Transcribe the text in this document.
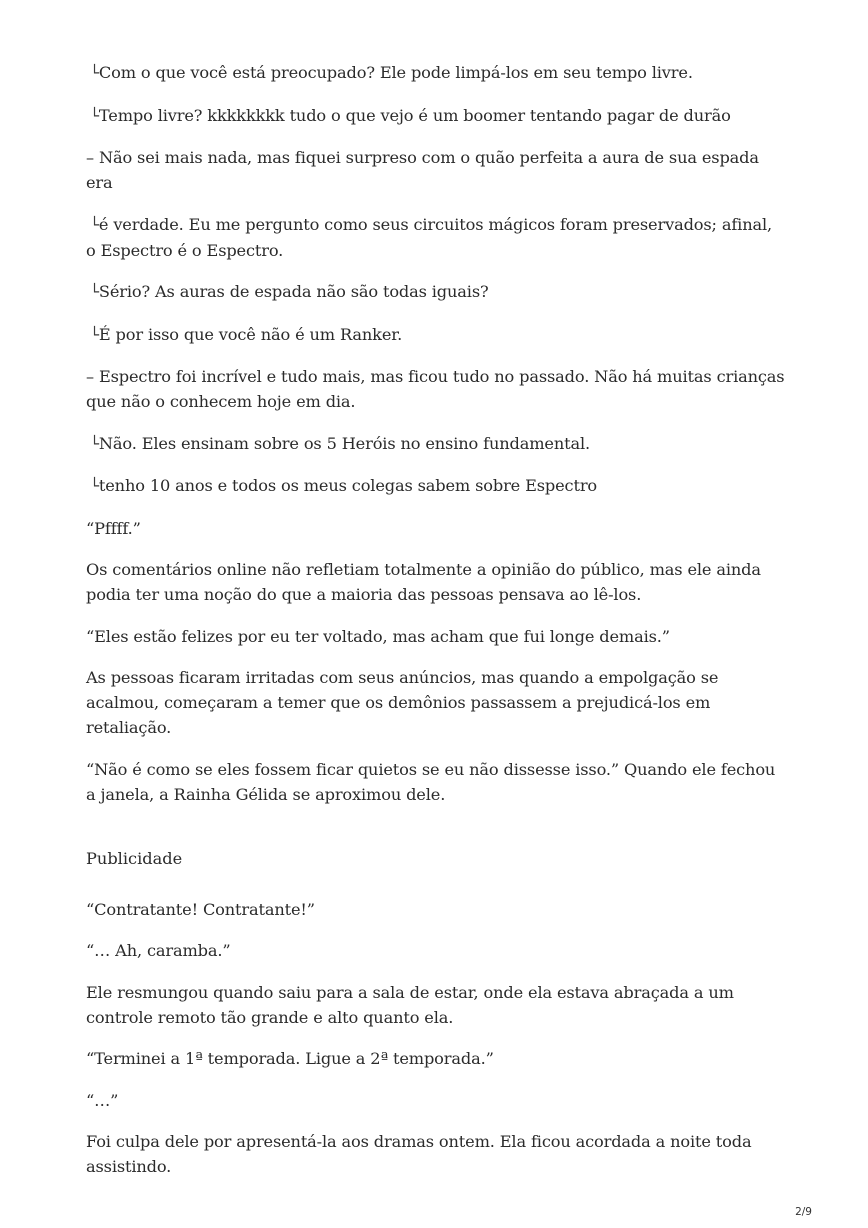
└Com o que você está preocupado? Ele pode limpá-los em seu tempo livre.

└Tempo livre? kkkkkkkk tudo o que vejo é um boomer tentando pagar de durão

– Não sei mais nada, mas fiquei surpreso com o quão perfeita a aura de sua espada era

└é verdade. Eu me pergunto como seus circuitos mágicos foram preservados; afinal, o Espectro é o Espectro.

└Sério? As auras de espada não são todas iguais?

└É por isso que você não é um Ranker.

– Espectro foi incrível e tudo mais, mas ficou tudo no passado. Não há muitas crianças que não o conhecem hoje em dia.

└Não. Eles ensinam sobre os 5 Heróis no ensino fundamental.

└tenho 10 anos e todos os meus colegas sabem sobre Espectro

“Pffff.”

Os comentários online não refletiam totalmente a opinião do público, mas ele ainda podia ter uma noção do que a maioria das pessoas pensava ao lê-los.

“Eles estão felizes por eu ter voltado, mas acham que fui longe demais.”

As pessoas ficaram irritadas com seus anúncios, mas quando a empolgação se acalmou, começaram a temer que os demônios passassem a prejudicá-los em retaliação.

“Não é como se eles fossem ficar quietos se eu não dissesse isso.” Quando ele fechou a janela, a Rainha Gélida se aproximou dele.

Publicidade

“Contratante! Contratante!”

“… Ah, caramba.”

Ele resmungou quando saiu para a sala de estar, onde ela estava abraçada a um controle remoto tão grande e alto quanto ela.

“Terminei a 1ª temporada. Ligue a 2ª temporada.”

“…”

Foi culpa dele por apresentá-la aos dramas ontem. Ela ficou acordada a noite toda assistindo.

2/9
